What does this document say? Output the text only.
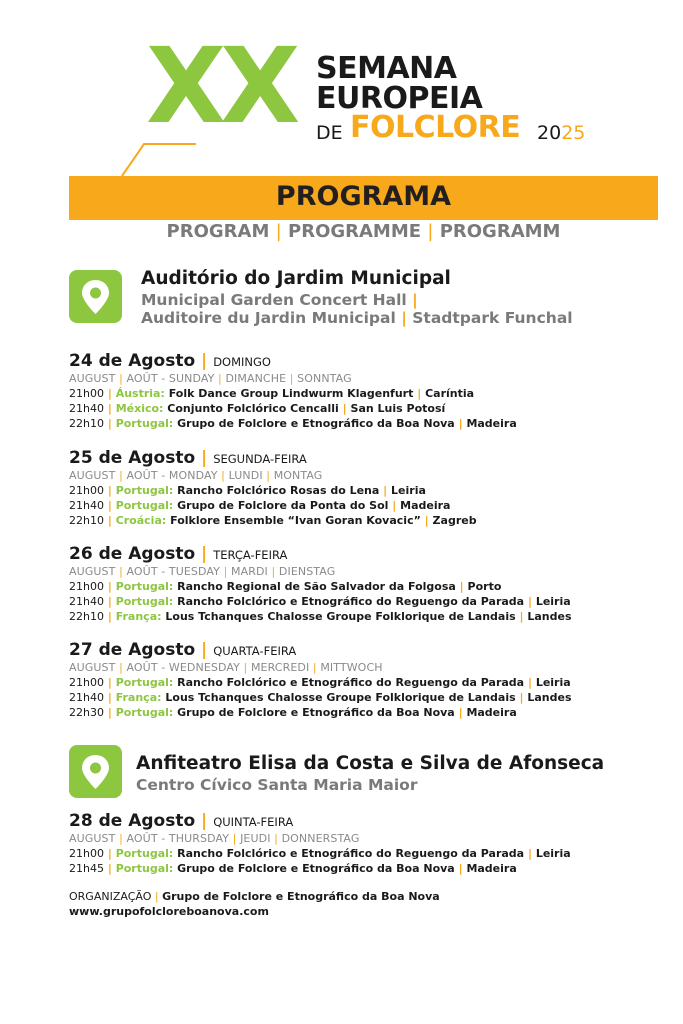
XX SEMANA
EUROPEIA
DE FOLCLORE 2025
PROGRAMA
PROGRAM | PROGRAMME | PROGRAMM
Auditório do Jardim Municipal
Municipal Garden Concert Hall |
Auditoire du Jardin Municipal | Stadtpark Funchal
24 de Agosto | DOMINGO
AUGUST | AOÛT - SUNDAY | DIMANCHE | SONNTAG
21h00 | Áustria: Folk Dance Group Lindwurm Klagenfurt | Caríntia
21h40 | México: Conjunto Folclórico Cencalli | San Luis Potosí
22h10 | Portugal: Grupo de Folclore e Etnográfico da Boa Nova | Madeira
25 de Agosto | SEGUNDA-FEIRA
AUGUST | AOÛT - MONDAY | LUNDI | MONTAG
21h00 | Portugal: Rancho Folclórico Rosas do Lena | Leiria
21h40 | Portugal: Grupo de Folclore da Ponta do Sol | Madeira
22h10 | Croácia: Folklore Ensemble “Ivan Goran Kovacic” | Zagreb
26 de Agosto | TERÇA-FEIRA
AUGUST | AOÛT - TUESDAY | MARDI | DIENSTAG
21h00 | Portugal: Rancho Regional de São Salvador da Folgosa | Porto
21h40 | Portugal: Rancho Folclórico e Etnográfico do Reguengo da Parada | Leiria
22h10 | França: Lous Tchanques Chalosse Groupe Folklorique de Landais | Landes
27 de Agosto | QUARTA-FEIRA
AUGUST | AOÛT - WEDNESDAY | MERCREDI | MITTWOCH
21h00 | Portugal: Rancho Folclórico e Etnográfico do Reguengo da Parada | Leiria
21h40 | França: Lous Tchanques Chalosse Groupe Folklorique de Landais | Landes
22h30 | Portugal: Grupo de Folclore e Etnográfico da Boa Nova | Madeira
28 de Agosto | QUINTA-FEIRA
AUGUST | AOÛT - THURSDAY | JEUDI | DONNERSTAG
21h00 | Portugal: Rancho Folclórico e Etnográfico do Reguengo da Parada | Leiria
21h45 | Portugal: Grupo de Folclore e Etnográfico da Boa Nova | Madeira
Anfiteatro Elisa da Costa e Silva de Afonseca
Centro Cívico Santa Maria Maior
ORGANIZAÇÃO | Grupo de Folclore e Etnográfico da Boa Nova
www.grupofolcloreboanova.com
